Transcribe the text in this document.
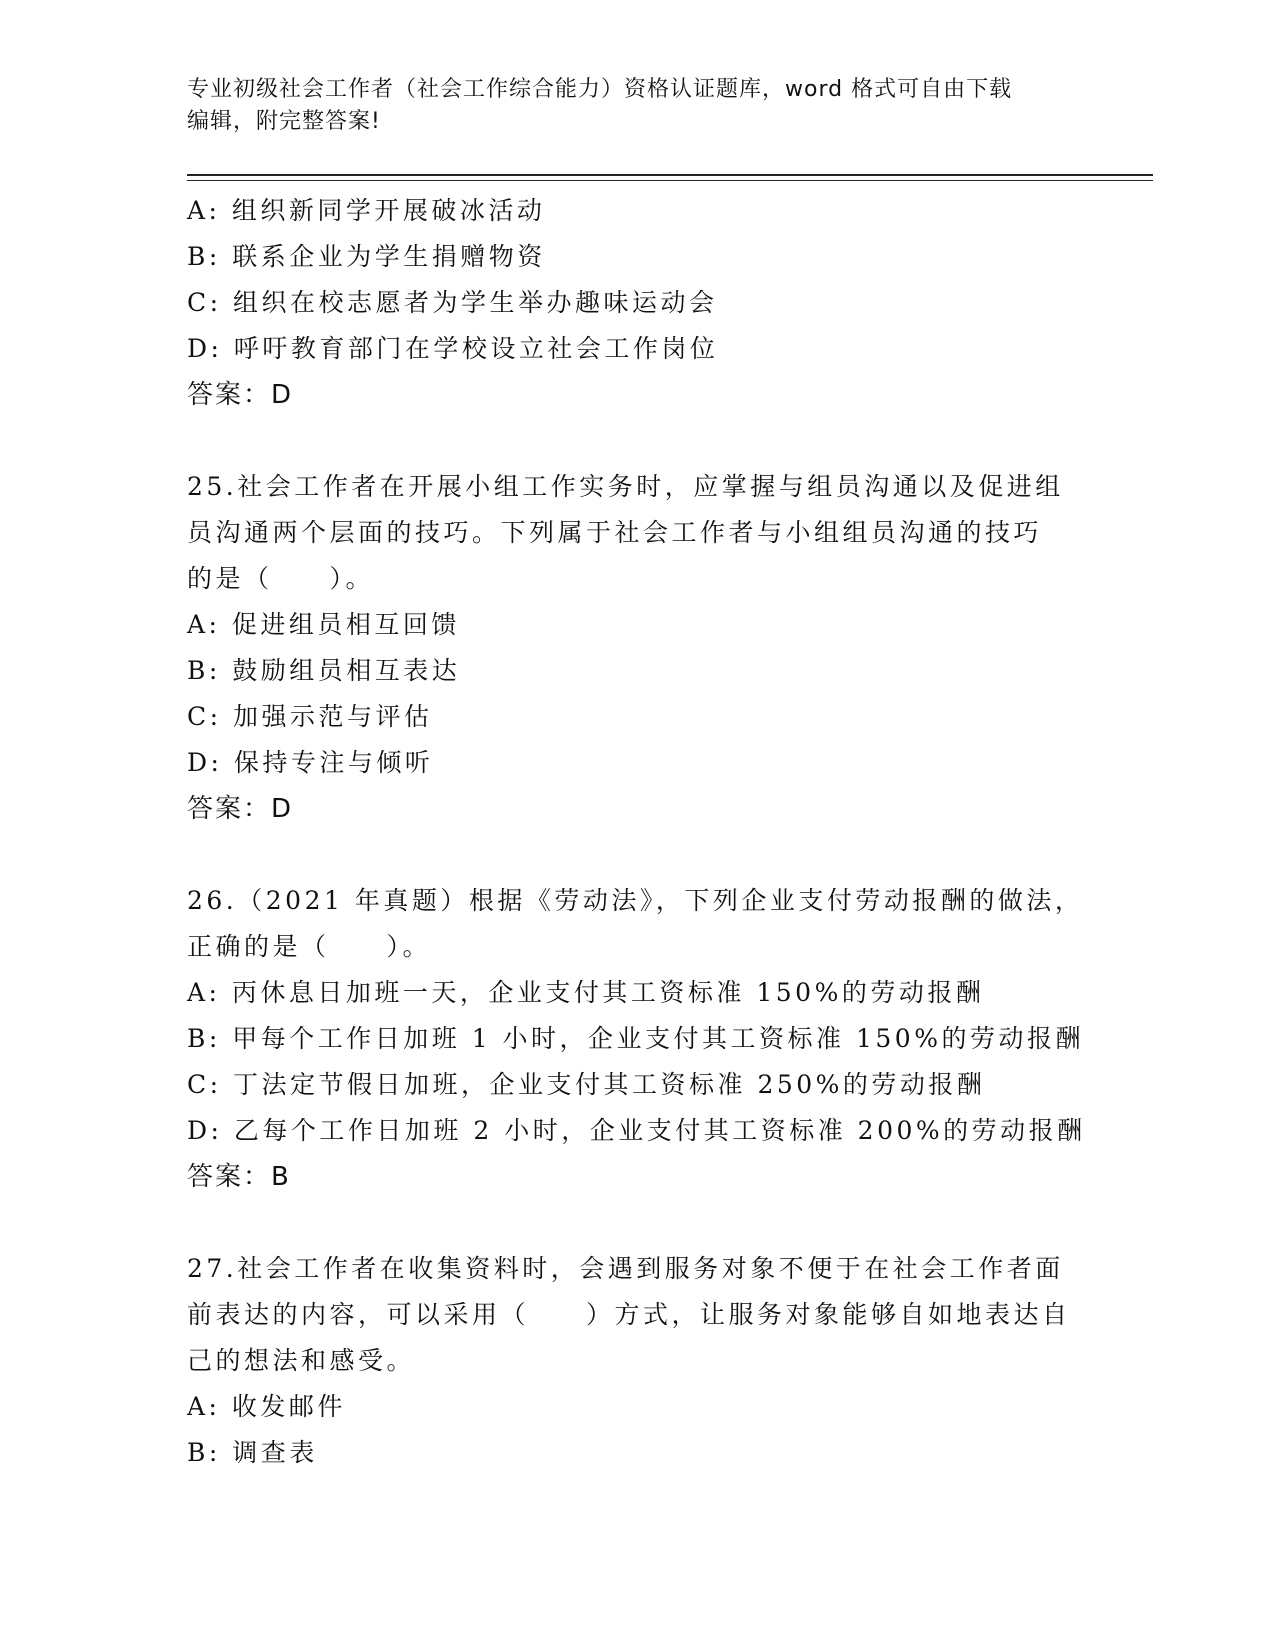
专业初级社会工作者（社会工作综合能力）资格认证题库，word 格式可自由下载
编辑，附完整答案!
A: 组织新同学开展破冰活动
B: 联系企业为学生捐赠物资
C: 组织在校志愿者为学生举办趣味运动会
D: 呼吁教育部门在学校设立社会工作岗位
答案：D
25.社会工作者在开展小组工作实务时，应掌握与组员沟通以及促进组
员沟通两个层面的技巧。下列属于社会工作者与小组组员沟通的技巧
的是（　　）。
A: 促进组员相互回馈
B: 鼓励组员相互表达
C: 加强示范与评估
D: 保持专注与倾听
答案：D
26.（2021 年真题）根据《劳动法》，下列企业支付劳动报酬的做法，
正确的是（　　）。
A: 丙休息日加班一天，企业支付其工资标准 150%的劳动报酬
B: 甲每个工作日加班 1 小时，企业支付其工资标准 150%的劳动报酬
C: 丁法定节假日加班，企业支付其工资标准 250%的劳动报酬
D: 乙每个工作日加班 2 小时，企业支付其工资标准 200%的劳动报酬
答案：B
27.社会工作者在收集资料时，会遇到服务对象不便于在社会工作者面
前表达的内容，可以采用（　　）方式，让服务对象能够自如地表达自
己的想法和感受。
A: 收发邮件
B: 调查表
